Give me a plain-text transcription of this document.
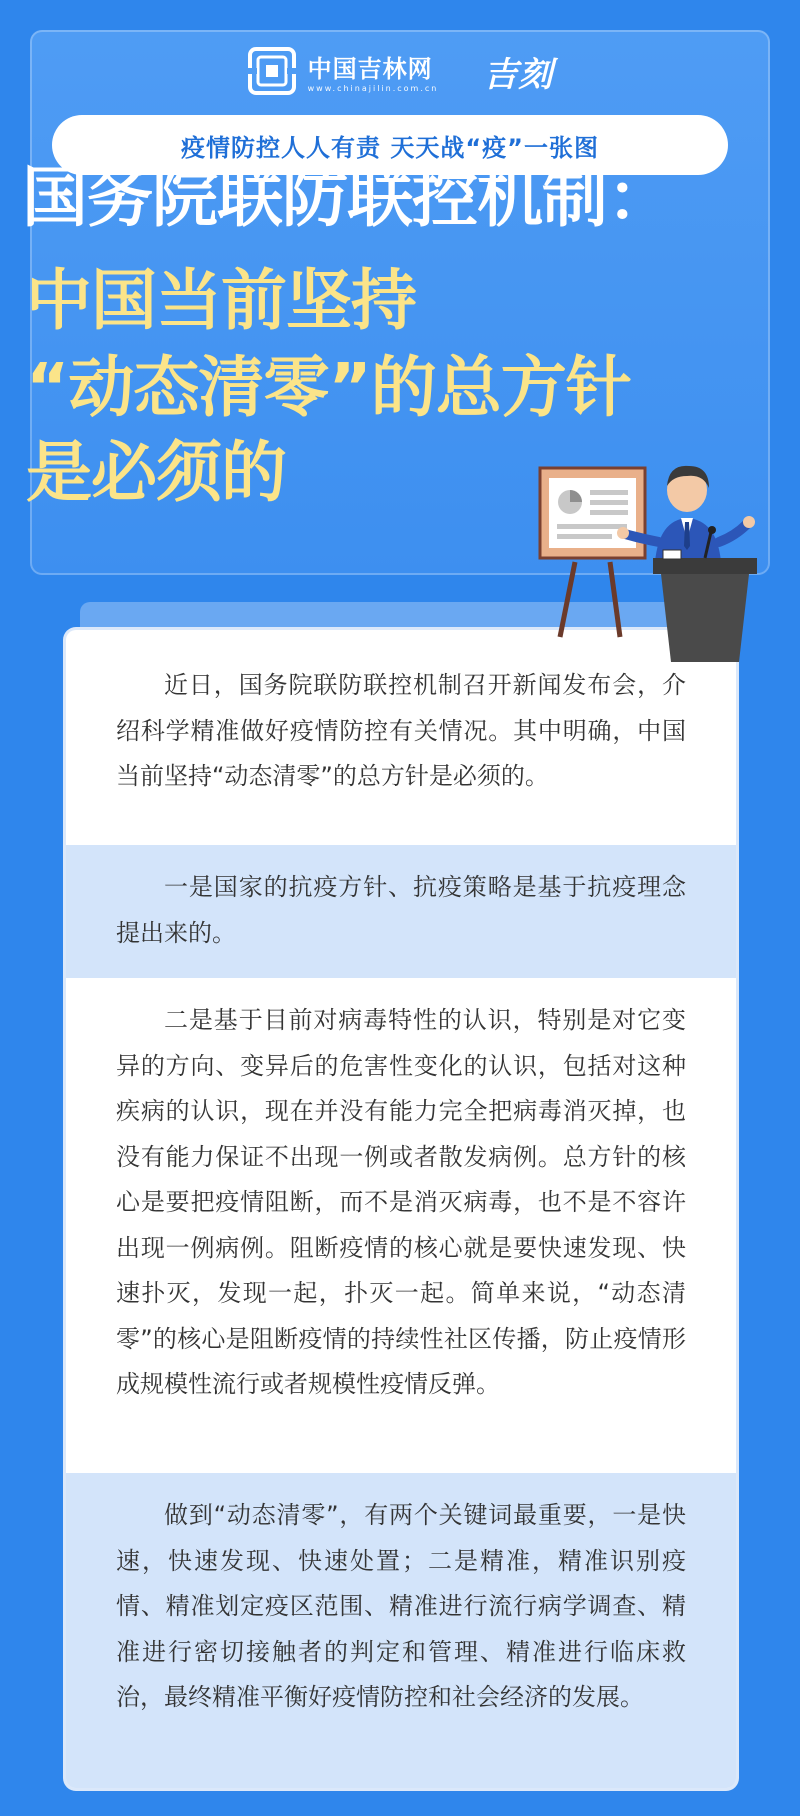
中国吉林网
www.chinajilin.com.cn 吉刻
疫情防控人人有责 天天战“疫”一张图
国务院联防联控机制：
中国当前坚持
“动态清零”的总方针
是必须的
近日，国务院联防联控机制召开新闻发布会，介绍科学精准做好疫情防控有关情况。其中明确，中国当前坚持“动态清零”的总方针是必须的。
一是国家的抗疫方针、抗疫策略是基于抗疫理念提出来的。
二是基于目前对病毒特性的认识，特别是对它变异的方向、变异后的危害性变化的认识，包括对这种疾病的认识，现在并没有能力完全把病毒消灭掉，也没有能力保证不出现一例或者散发病例。总方针的核心是要把疫情阻断，而不是消灭病毒，也不是不容许出现一例病例。阻断疫情的核心就是要快速发现、快速扑灭，发现一起，扑灭一起。简单来说，“动态清零”的核心是阻断疫情的持续性社区传播，防止疫情形成规模性流行或者规模性疫情反弹。
做到“动态清零”，有两个关键词最重要，一是快速，快速发现、快速处置；二是精准，精准识别疫情、精准划定疫区范围、精准进行流行病学调查、精准进行密切接触者的判定和管理、精准进行临床救治，最终精准平衡好疫情防控和社会经济的发展。
